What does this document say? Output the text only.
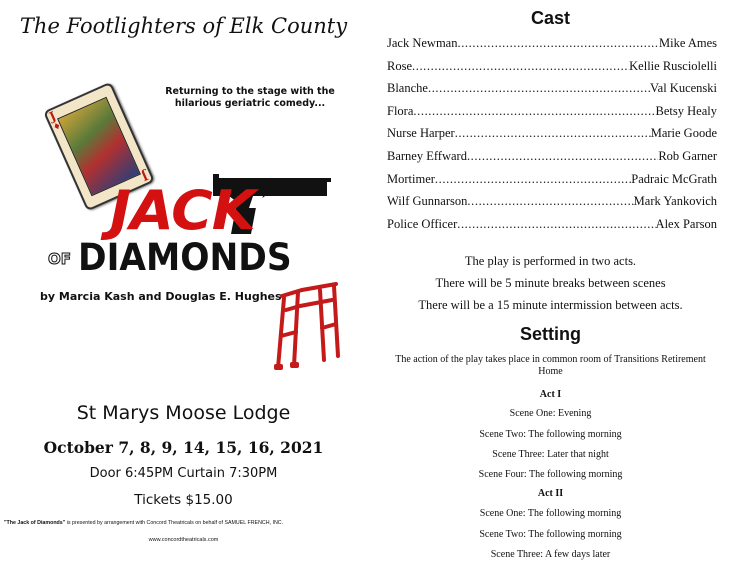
The Footlighters of Elk County
Returning to the stage with the hilarious geriatric comedy...
J
♦
J
JACK
OF DIAMONDS
by Marcia Kash and Douglas E. Hughes
St Marys Moose Lodge
October 7, 8, 9, 14, 15, 16, 2021
Door 6:45PM Curtain 7:30PM
Tickets $15.00
"The Jack of Diamonds" is presented by arrangement with Concord Theatricals on behalf of SAMUEL FRENCH, INC.
www.concordtheatricals.com
Cast
Jack Newman .....	Mike Ames
Rose .....	Kellie Rusciolelli
Blanche .....	Val Kucenski
Flora .....	Betsy Healy
Nurse Harper .....	Marie Goode
Barney Effward .....	Rob Garner
Mortimer .....	Padraic McGrath
Wilf Gunnarson .....	Mark Yankovich
Police Officer .....	Alex Parson
The play is performed in two acts.
There will be 5 minute breaks between scenes
There will be a 15 minute intermission between acts.
Setting
The action of the play takes place in common room of Transitions Retirement Home
Act I
Scene One: Evening
Scene Two: The following morning
Scene Three: Later that night
Scene Four: The following morning
Act II
Scene One: The following morning
Scene Two: The following morning
Scene Three: A few days later
